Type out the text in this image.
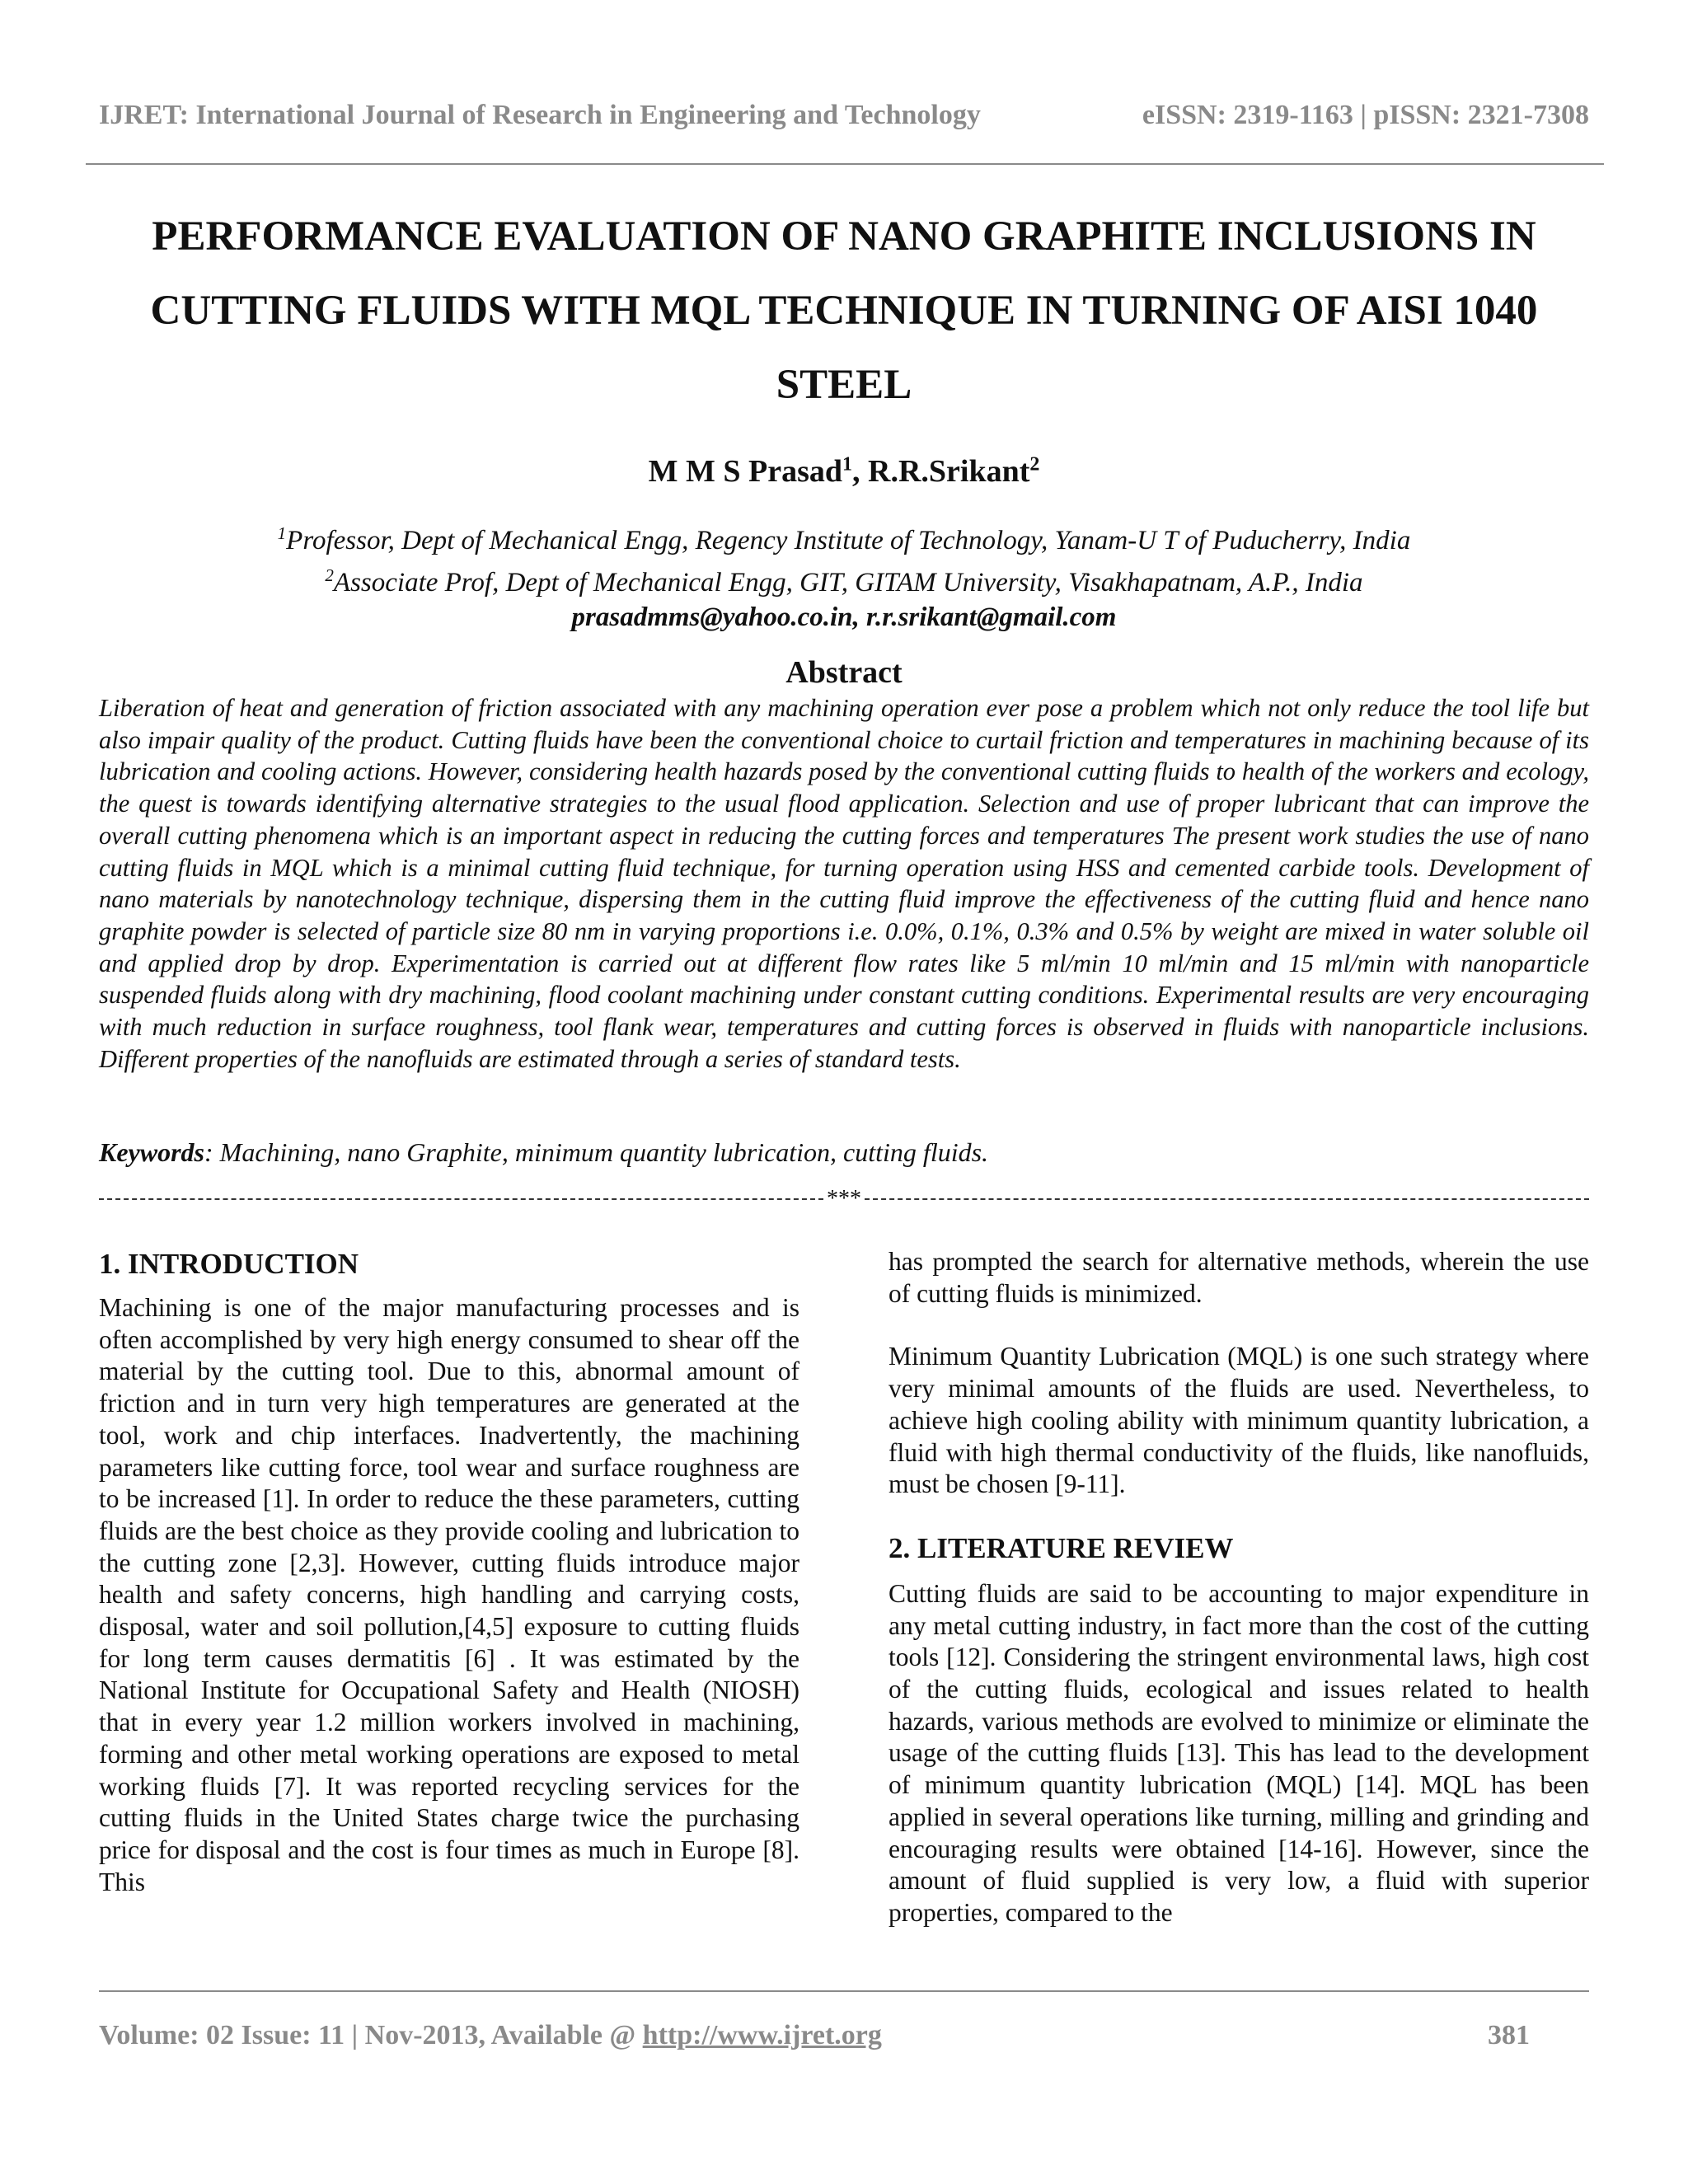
IJRET: International Journal of Research in Engineering and Technology	eISSN: 2319-1163 | pISSN: 2321-7308
PERFORMANCE EVALUATION OF NANO GRAPHITE INCLUSIONS IN CUTTING FLUIDS WITH MQL TECHNIQUE IN TURNING OF AISI 1040 STEEL
M M S Prasad$^1$, R.R.Srikant$^2$
$^1$Professor, Dept of Mechanical Engg, Regency Institute of Technology, Yanam-U T of Puducherry, India
$^2$Associate Prof, Dept of Mechanical Engg, GIT, GITAM University, Visakhapatnam, A.P., India
prasadmms@yahoo.co.in, r.r.srikant@gmail.com
Abstract

Liberation of heat and generation of friction associated with any machining operation ever pose a problem which not only reduce the tool life but also impair quality of the product. Cutting fluids have been the conventional choice to curtail friction and temperatures in machining because of its lubrication and cooling actions. However, considering health hazards posed by the conventional cutting fluids to health of the workers and ecology, the quest is towards identifying alternative strategies to the usual flood application. Selection and use of proper lubricant that can improve the overall cutting phenomena which is an important aspect in reducing the cutting forces and temperatures The present work studies the use of nano cutting fluids in MQL which is a minimal cutting fluid technique, for turning operation using HSS and cemented carbide tools. Development of nano materials by nanotechnology technique, dispersing them in the cutting fluid improve the effectiveness of the cutting fluid and hence nano graphite powder is selected of particle size 80 nm in varying proportions i.e. 0.0%, 0.1%, 0.3% and 0.5% by weight are mixed in water soluble oil and applied drop by drop. Experimentation is carried out at different flow rates like 5 ml/min 10 ml/min and 15 ml/min with nanoparticle suspended fluids along with dry machining, flood coolant machining under constant cutting conditions. Experimental results are very encouraging with much reduction in surface roughness, tool flank wear, temperatures and cutting forces is observed in fluids with nanoparticle inclusions. Different properties of the nanofluids are estimated through a series of standard tests.

Keywords: Machining, nano Graphite, minimum quantity lubrication, cutting fluids.
***
1. INTRODUCTION

Machining is one of the major manufacturing processes and is often accomplished by very high energy consumed to shear off the material by the cutting tool. Due to this, abnormal amount of friction and in turn very high temperatures are generated at the tool, work and chip interfaces. Inadvertently, the machining parameters like cutting force, tool wear and surface roughness are to be increased [1]. In order to reduce the these parameters, cutting fluids are the best choice as they provide cooling and lubrication to the cutting zone [2,3]. However, cutting fluids introduce major health and safety concerns, high handling and carrying costs, disposal, water and soil pollution,[4,5] exposure to cutting fluids for long term causes dermatitis [6] . It was estimated by the National Institute for Occupational Safety and Health (NIOSH) that in every year 1.2 million workers involved in machining, forming and other metal working operations are exposed to metal working fluids [7]. It was reported recycling services for the cutting fluids in the United States charge twice the purchasing price for disposal and the cost is four times as much in Europe [8]. This

has prompted the search for alternative methods, wherein the use of cutting fluids is minimized.

Minimum Quantity Lubrication (MQL) is one such strategy where very minimal amounts of the fluids are used. Nevertheless, to achieve high cooling ability with minimum quantity lubrication, a fluid with high thermal conductivity of the fluids, like nanofluids, must be chosen [9-11].

2. LITERATURE REVIEW

Cutting fluids are said to be accounting to major expenditure in any metal cutting industry, in fact more than the cost of the cutting tools [12]. Considering the stringent environmental laws, high cost of the cutting fluids, ecological and issues related to health hazards, various methods are evolved to minimize or eliminate the usage of the cutting fluids [13]. This has lead to the development of minimum quantity lubrication (MQL) [14]. MQL has been applied in several operations like turning, milling and grinding and encouraging results were obtained [14-16]. However, since the amount of fluid supplied is very low, a fluid with superior properties, compared to the

Volume: 02 Issue: 11 | Nov-2013, Available @ http://www.ijret.org	381
